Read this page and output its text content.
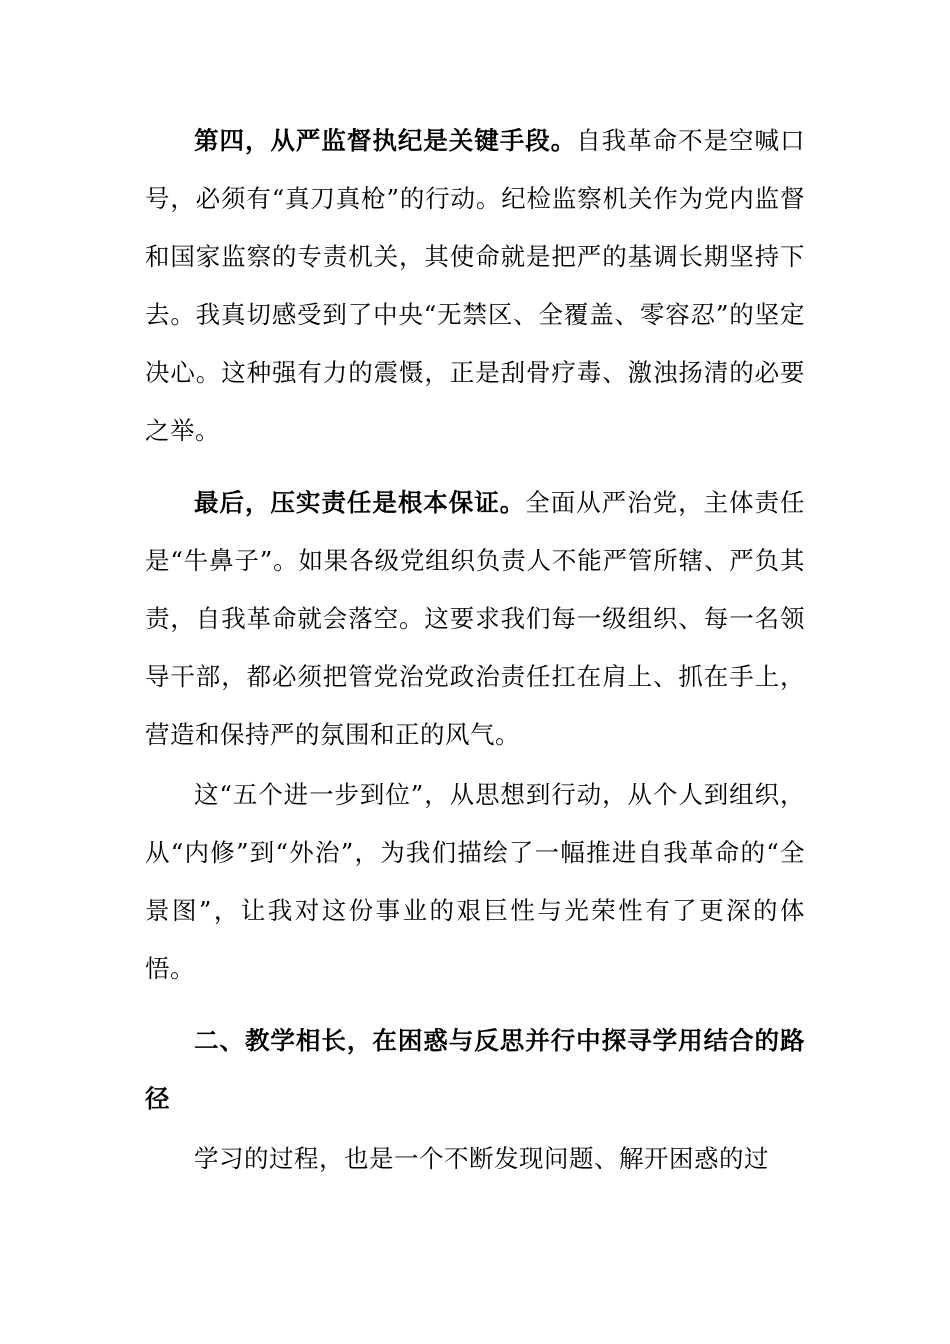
第四，从严监督执纪是关键手段。自我革命不是空喊口号，必须有“真刀真枪”的行动。纪检监察机关作为党内监督和国家监察的专责机关，其使命就是把严的基调长期坚持下去。我真切感受到了中央“无禁区、全覆盖、零容忍”的坚定决心。这种强有力的震慑，正是刮骨疗毒、激浊扬清的必要之举。

最后，压实责任是根本保证。全面从严治党，主体责任是“牛鼻子”。如果各级党组织负责人不能严管所辖、严负其责，自我革命就会落空。这要求我们每一级组织、每一名领导干部，都必须把管党治党政治责任扛在肩上、抓在手上，营造和保持严的氛围和正的风气。

这“五个进一步到位”，从思想到行动，从个人到组织，从“内修”到“外治”，为我们描绘了一幅推进自我革命的“全景图”，让我对这份事业的艰巨性与光荣性有了更深的体悟。

二、教学相长，在困惑与反思并行中探寻学用结合的路径

学习的过程，也是一个不断发现问题、解开困惑的过
